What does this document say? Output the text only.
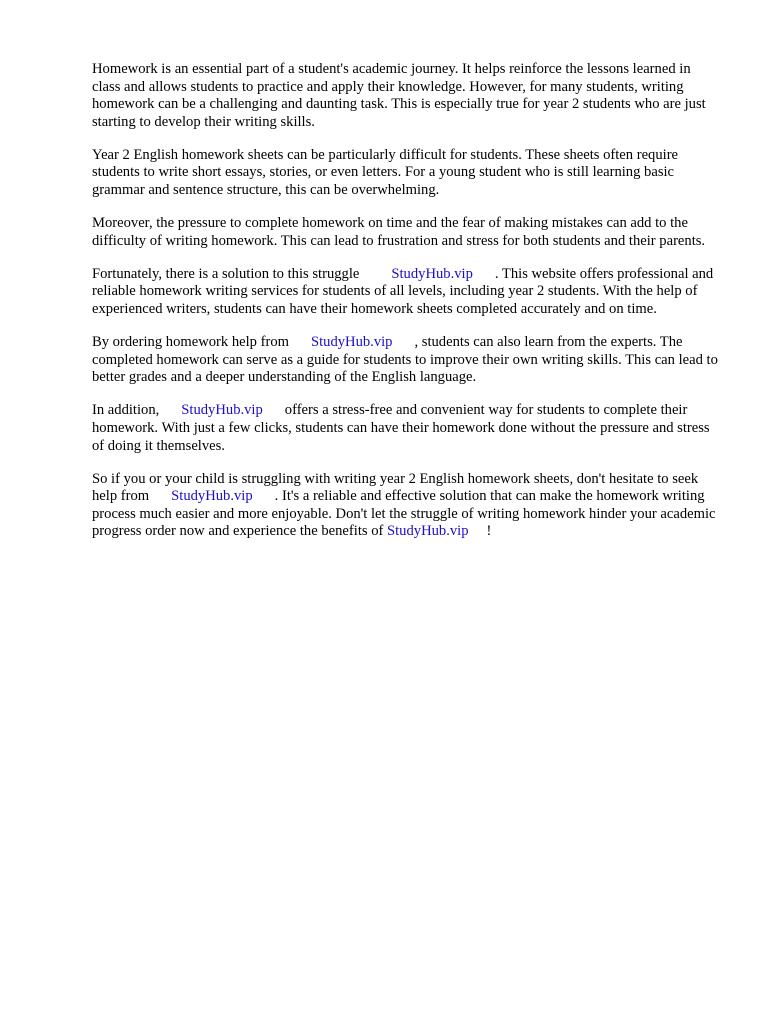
Homework is an essential part of a student's academic journey. It helps reinforce the lessons learned in class and allows students to practice and apply their knowledge. However, for many students, writing homework can be a challenging and daunting task. This is especially true for year 2 students who are just starting to develop their writing skills.

Year 2 English homework sheets can be particularly difficult for students. These sheets often require students to write short essays, stories, or even letters. For a young student who is still learning basic grammar and sentence structure, this can be overwhelming.

Moreover, the pressure to complete homework on time and the fear of making mistakes can add to the difficulty of writing homework. This can lead to frustration and stress for both students and their parents.

Fortunately, there is a solution to this struggle StudyHub.vip . This website offers professional and reliable homework writing services for students of all levels, including year 2 students. With the help of experienced writers, students can have their homework sheets completed accurately and on time.

By ordering homework help from StudyHub.vip , students can also learn from the experts. The completed homework can serve as a guide for students to improve their own writing skills. This can lead to better grades and a deeper understanding of the English language.

In addition, StudyHub.vip offers a stress-free and convenient way for students to complete their homework. With just a few clicks, students can have their homework done without the pressure and stress of doing it themselves.

So if you or your child is struggling with writing year 2 English homework sheets, don't hesitate to seek help from StudyHub.vip . It's a reliable and effective solution that can make the homework writing process much easier and more enjoyable. Don't let the struggle of writing homework hinder your academic progress order now and experience the benefits of StudyHub.vip !
